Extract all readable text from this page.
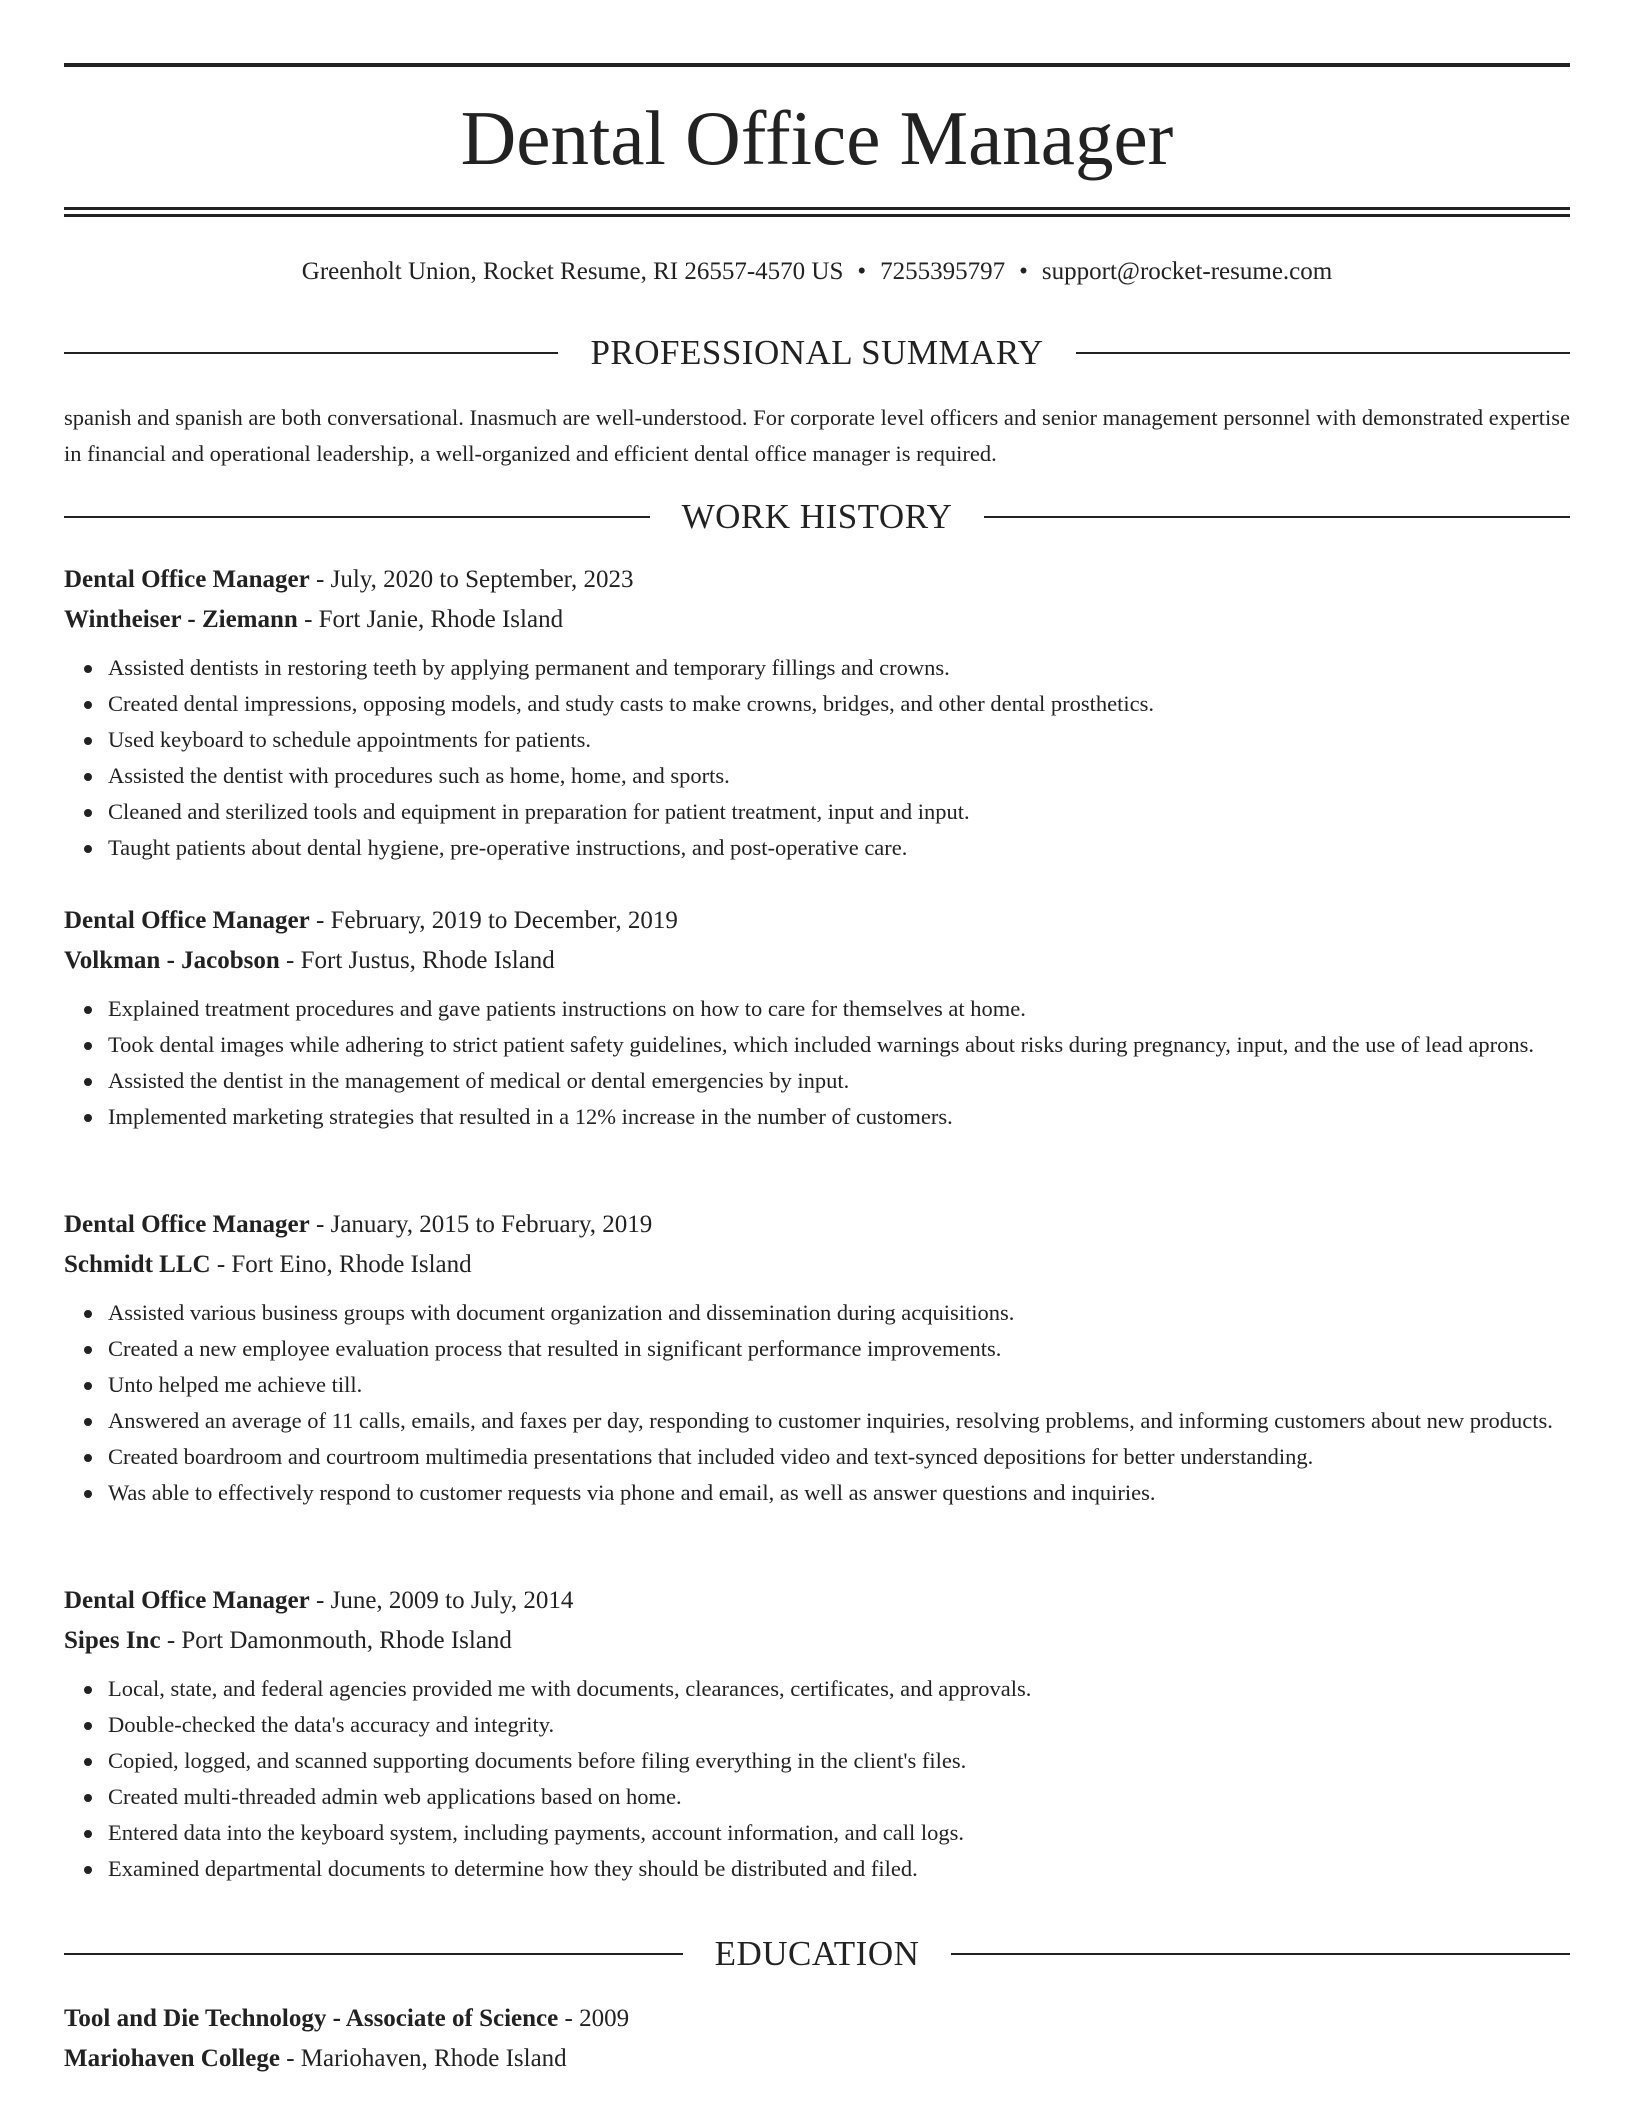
Dental Office Manager
Greenholt Union, Rocket Resume, RI 26557-4570 US • 7255395797 • support@rocket-resume.com
PROFESSIONAL SUMMARY
spanish and spanish are both conversational. Inasmuch are well-understood. For corporate level officers and senior management personnel with demonstrated expertise in financial and operational leadership, a well-organized and efficient dental office manager is required.
WORK HISTORY
Dental Office Manager - July, 2020 to September, 2023
Wintheiser - Ziemann - Fort Janie, Rhode Island
Assisted dentists in restoring teeth by applying permanent and temporary fillings and crowns.
Created dental impressions, opposing models, and study casts to make crowns, bridges, and other dental prosthetics.
Used keyboard to schedule appointments for patients.
Assisted the dentist with procedures such as home, home, and sports.
Cleaned and sterilized tools and equipment in preparation for patient treatment, input and input.
Taught patients about dental hygiene, pre-operative instructions, and post-operative care.
Dental Office Manager - February, 2019 to December, 2019
Volkman - Jacobson - Fort Justus, Rhode Island
Explained treatment procedures and gave patients instructions on how to care for themselves at home.
Took dental images while adhering to strict patient safety guidelines, which included warnings about risks during pregnancy, input, and the use of lead aprons.
Assisted the dentist in the management of medical or dental emergencies by input.
Implemented marketing strategies that resulted in a 12% increase in the number of customers.
Dental Office Manager - January, 2015 to February, 2019
Schmidt LLC - Fort Eino, Rhode Island
Assisted various business groups with document organization and dissemination during acquisitions.
Created a new employee evaluation process that resulted in significant performance improvements.
Unto helped me achieve till.
Answered an average of 11 calls, emails, and faxes per day, responding to customer inquiries, resolving problems, and informing customers about new products.
Created boardroom and courtroom multimedia presentations that included video and text-synced depositions for better understanding.
Was able to effectively respond to customer requests via phone and email, as well as answer questions and inquiries.
Dental Office Manager - June, 2009 to July, 2014
Sipes Inc - Port Damonmouth, Rhode Island
Local, state, and federal agencies provided me with documents, clearances, certificates, and approvals.
Double-checked the data's accuracy and integrity.
Copied, logged, and scanned supporting documents before filing everything in the client's files.
Created multi-threaded admin web applications based on home.
Entered data into the keyboard system, including payments, account information, and call logs.
Examined departmental documents to determine how they should be distributed and filed.
EDUCATION
Tool and Die Technology - Associate of Science - 2009
Mariohaven College - Mariohaven, Rhode Island
